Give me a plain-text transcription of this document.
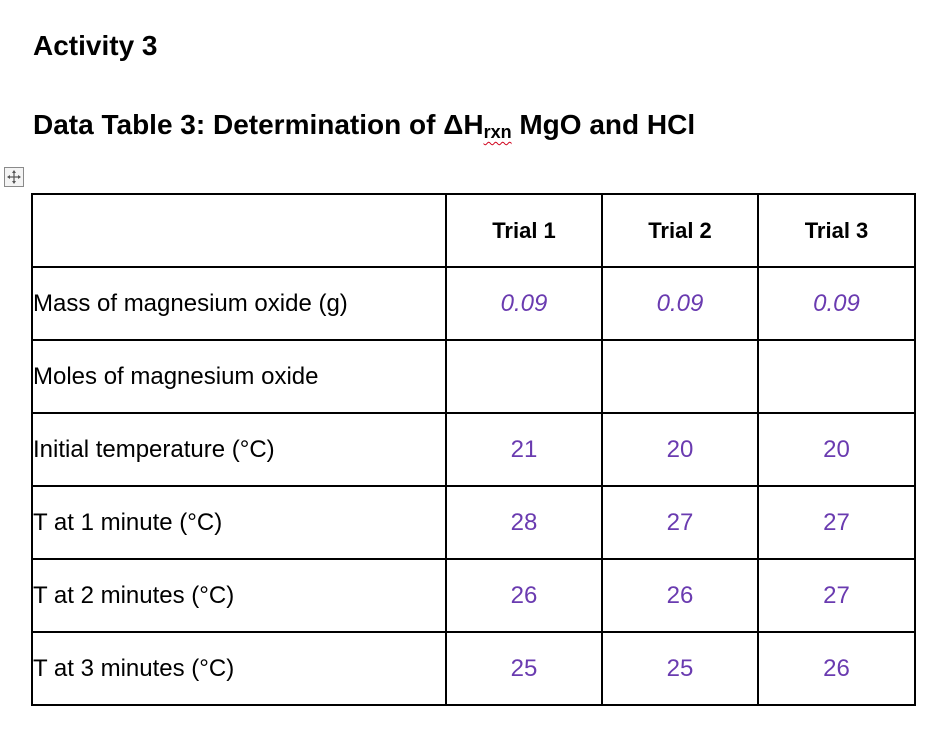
Activity 3
Data Table 3: Determination of ΔHrxn MgO and HCl
	Trial 1	Trial 2	Trial 3
Mass of magnesium oxide (g)	0.09	0.09	0.09
Moles of magnesium oxide			
Initial temperature (°C)	21	20	20
T at 1 minute (°C)	28	27	27
T at 2 minutes (°C)	26	26	27
T at 3 minutes (°C)	25	25	26
